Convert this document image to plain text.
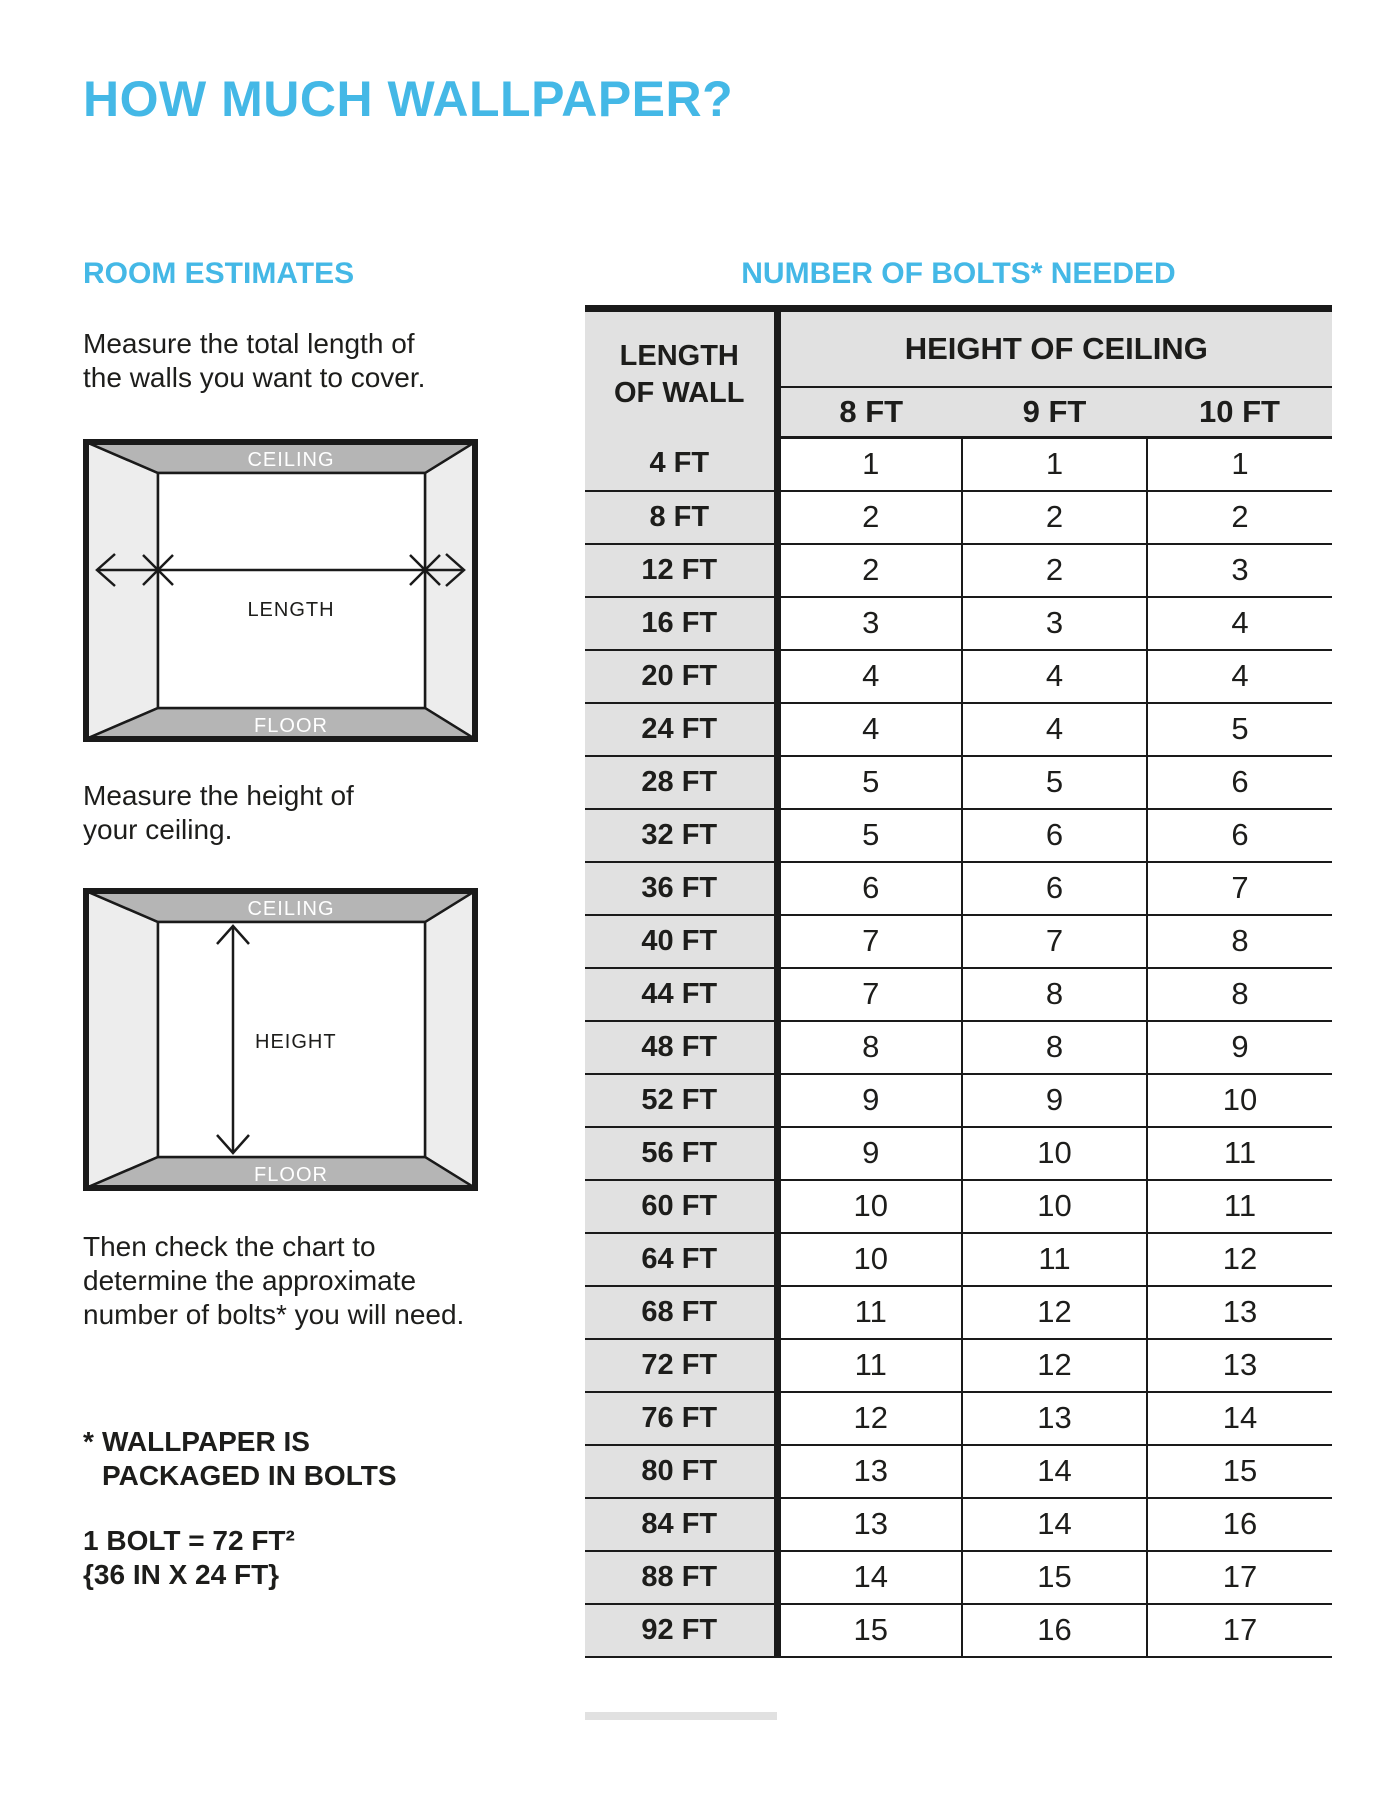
HOW MUCH WALLPAPER?
ROOM ESTIMATES

Measure the total length of
the walls you want to cover.

CEILING
LENGTH
FLOOR

Measure the height of
your ceiling.

CEILING
HEIGHT
FLOOR

Then check the chart to
determine the approximate
number of bolts* you will need.

* WALLPAPER IS
PACKAGED IN BOLTS

1 BOLT = 72 FT²
{36 IN X 24 FT}

NUMBER OF BOLTS* NEEDED
LENGTH
OF WALL	HEIGHT OF CEILING		
	8 FT	9 FT	10 FT
4 FT	1	1	1
8 FT	2	2	2
12 FT	2	2	3
16 FT	3	3	4
20 FT	4	4	4
24 FT	4	4	5
28 FT	5	5	6
32 FT	5	6	6
36 FT	6	6	7
40 FT	7	7	8
44 FT	7	8	8
48 FT	8	8	9
52 FT	9	9	10
56 FT	9	10	11
60 FT	10	10	11
64 FT	10	11	12
68 FT	11	12	13
72 FT	11	12	13
76 FT	12	13	14
80 FT	13	14	15
84 FT	13	14	16
88 FT	14	15	17
92 FT	15	16	17
